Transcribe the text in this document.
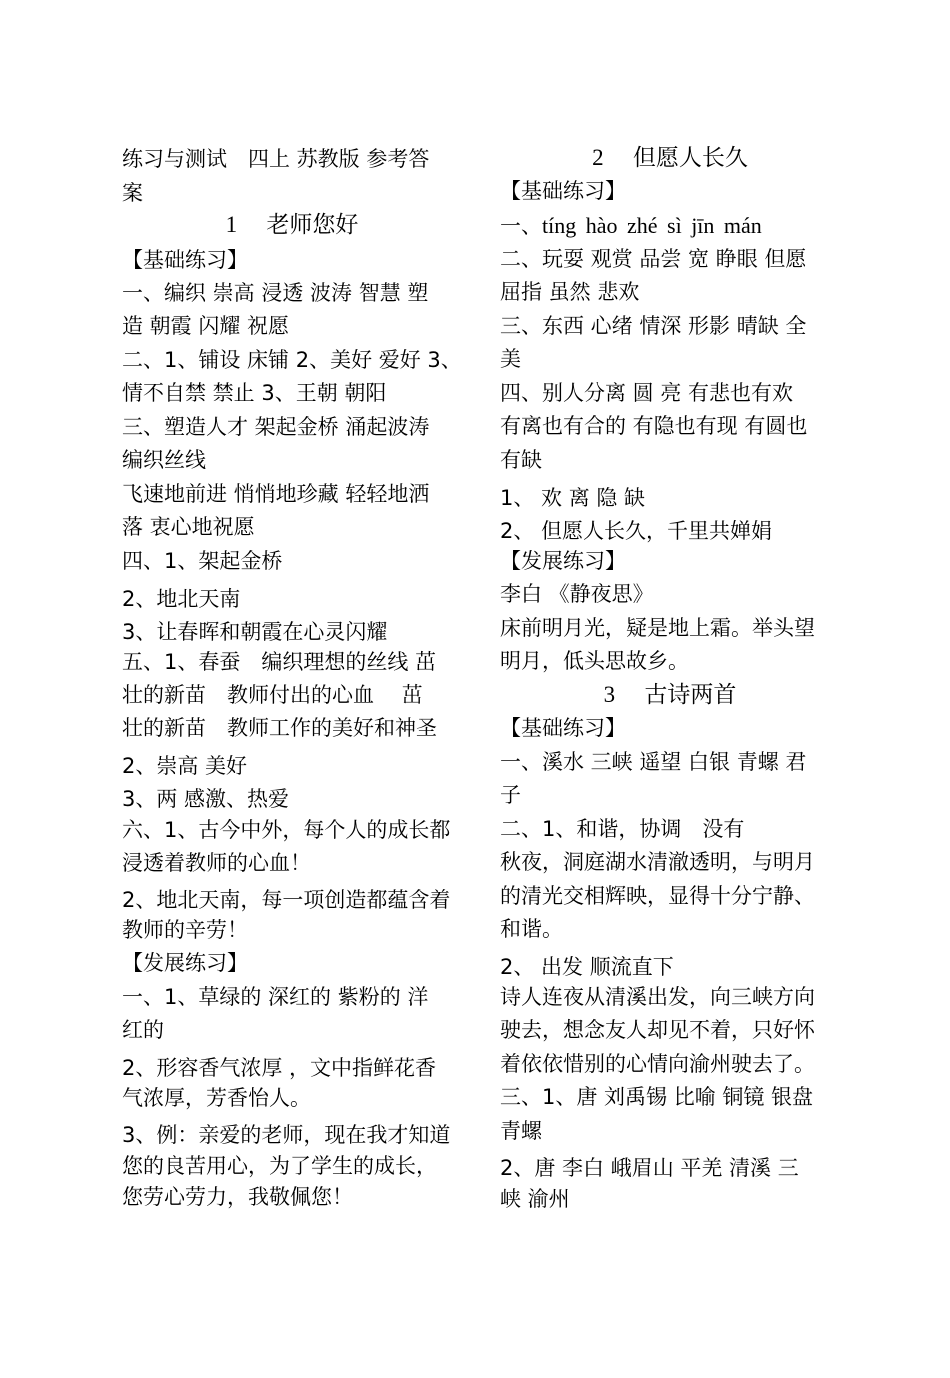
练习与测试　四上 苏教版 参考答
案
1 老师您好
【基础练习】
一、编织 崇高 浸透 波涛 智慧 塑
造 朝霞 闪耀 祝愿
二、1、铺设 床铺 2、美好 爱好 3、
情不自禁 禁止 3、王朝 朝阳
三、塑造人才 架起金桥 涌起波涛
编织丝线
飞速地前进 悄悄地珍藏 轻轻地洒
落 衷心地祝愿
四、1、架起金桥
2、地北天南
3、让春晖和朝霞在心灵闪耀
五、1、春蚕　编织理想的丝线 茁
壮的新苗　教师付出的心血　 茁
壮的新苗　教师工作的美好和神圣
2、崇高 美好
3、两 感激、热爱
六、1、古今中外，每个人的成长都
浸透着教师的心血！
2、地北天南，每一项创造都蕴含着
教师的辛劳！
【发展练习】
一、1、草绿的 深红的 紫粉的 洋
红的
2、形容香气浓厚 ，文中指鲜花香
气浓厚，芳香怡人。
3、例：亲爱的老师，现在我才知道
您的良苦用心，为了学生的成长，
您劳心劳力，我敬佩您！
2 但愿人长久
【基础练习】
一、tíng hào zhé sì jīn mán
二、玩耍 观赏 品尝 宽 睁眼 但愿
屈指 虽然 悲欢
三、东西 心绪 情深 形影 晴缺 全
美
四、别人分离 圆 亮 有悲也有欢
有离也有合的 有隐也有现 有圆也
有缺
1、 欢 离 隐 缺
2、 但愿人长久，千里共婵娟
【发展练习】
李白 《静夜思》
床前明月光，疑是地上霜。举头望
明月，低头思故乡。
3 古诗两首
【基础练习】
一、溪水 三峡 遥望 白银 青螺 君
子
二、1、和谐，协调　没有
秋夜，洞庭湖水清澈透明，与明月
的清光交相辉映，显得十分宁静、
和谐。
2、 出发 顺流直下
诗人连夜从清溪出发，向三峡方向
驶去，想念友人却见不着，只好怀
着依依惜别的心情向渝州驶去了。
三、1、唐 刘禹锡 比喻 铜镜 银盘
青螺
2、唐 李白 峨眉山 平羌 清溪 三
峡 渝州
